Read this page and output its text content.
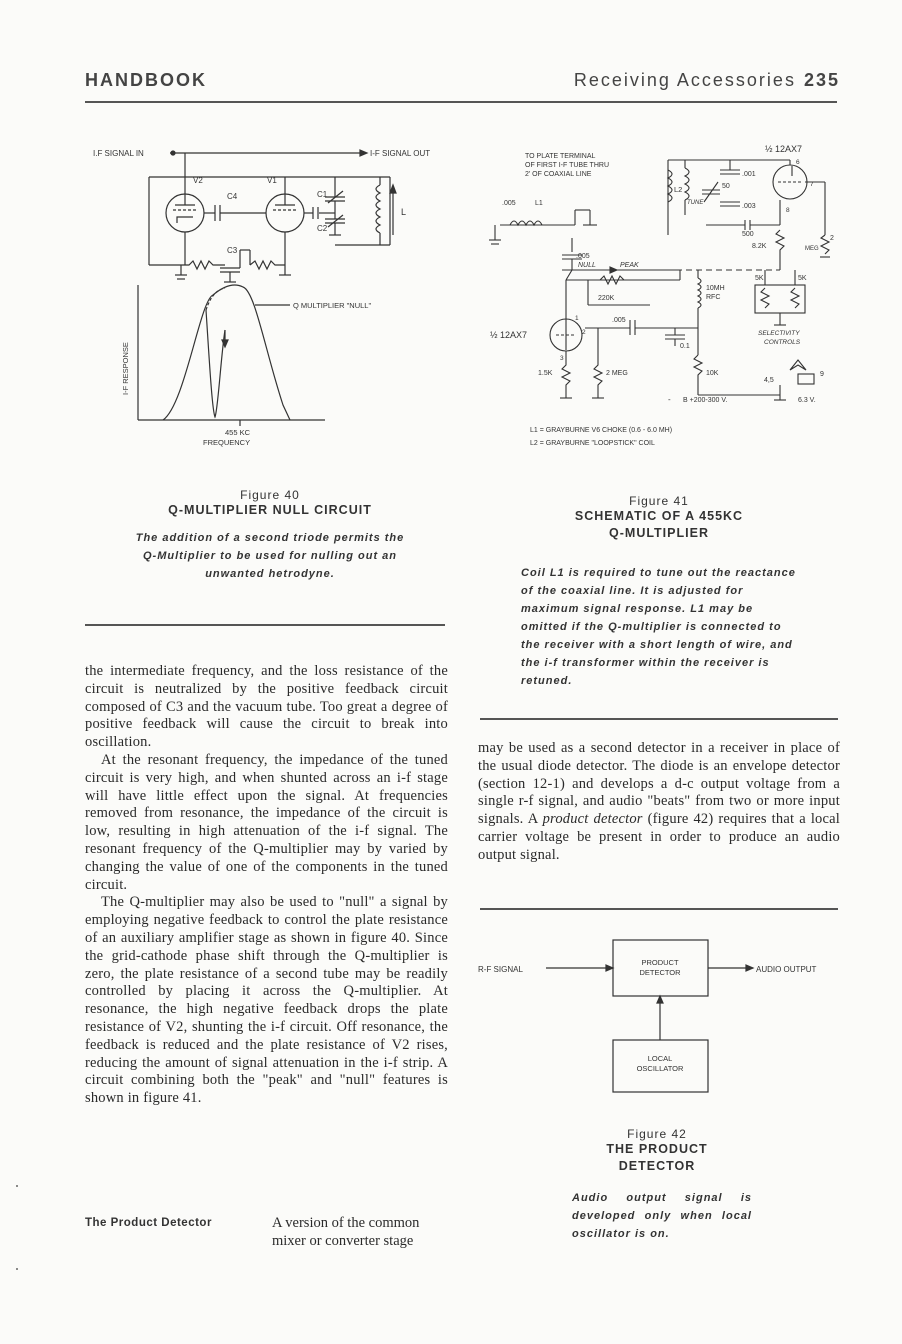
HANDBOOK	Receiving Accessories 235
I.F SIGNAL IN	I-F SIGNAL OUT
V2	V1
C4	C1
C2
C3
L
Q MULTIPLIER "NULL"
I-F RESPONSE
455 KC
FREQUENCY
Figure 40
Q-MULTIPLIER NULL CIRCUIT
The addition of a second triode permits the Q-Multiplier to be used for nulling out an unwanted hetrodyne.
TO PLATE TERMINAL
OF FIRST I-F TUBE THRU
2' OF COAXIAL LINE
½ 12AX7
L1
.005
L2
.001
50
TUNE	.003
500
8.2K
2
MEG
6
7
8
.005
NULL	PEAK
10MH
RFC
220K
5K	5K
SELECTIVITY
CONTROLS
.005
½ 12AX7
1
2
3
0.1
1.5K	2 MEG	10K
4,5
9
- B +200-300 V.	6.3 V.
L1 = GRAYBURNE V6 CHOKE (0.6 - 6.0 MH)
L2 = GRAYBURNE "LOOPSTICK" COIL
Figure 41
SCHEMATIC OF A 455KC
Q-MULTIPLIER
Coil L1 is required to tune out the reactance of the coaxial line. It is adjusted for maximum signal response. L1 may be omitted if the Q-multiplier is connected to the receiver with a short length of wire, and the i-f transformer within the receiver is retuned.

the intermediate frequency, and the loss resistance of the circuit is neutralized by the positive feedback circuit composed of C3 and the vacuum tube. Too great a degree of positive feedback will cause the circuit to break into oscillation.

At the resonant frequency, the impedance of the tuned circuit is very high, and when shunted across an i-f stage will have little effect upon the signal. At frequencies removed from resonance, the impedance of the circuit is low, resulting in high attenuation of the i-f signal. The resonant frequency of the Q-multiplier may by varied by changing the value of one of the components in the tuned circuit.

The Q-multiplier may also be used to "null" a signal by employing negative feedback to control the plate resistance of an auxiliary amplifier stage as shown in figure 40. Since the grid-cathode phase shift through the Q-multiplier is zero, the plate resistance of a second tube may be readily controlled by placing it across the Q-multiplier. At resonance, the high negative feedback drops the plate resistance of V2, shunting the i-f circuit. Off resonance, the feedback is reduced and the plate resistance of V2 rises, reducing the amount of signal attenuation in the i-f strip. A circuit combining both the "peak" and "null" features is shown in figure 41.

The Product Detector	A version of the common mixer or converter stage

may be used as a second detector in a receiver in place of the usual diode detector. The diode is an envelope detector (section 12-1) and develops a d-c output voltage from a single r-f signal, and audio "beats" from two or more input signals. A product detector (figure 42) requires that a local carrier voltage be present in order to produce an audio output signal.

R-F SIGNAL
PRODUCT
DETECTOR	AUDIO OUTPUT
LOCAL
OSCILLATOR
Figure 42
THE PRODUCT
DETECTOR
Audio output signal is developed only when local oscillator is on.
